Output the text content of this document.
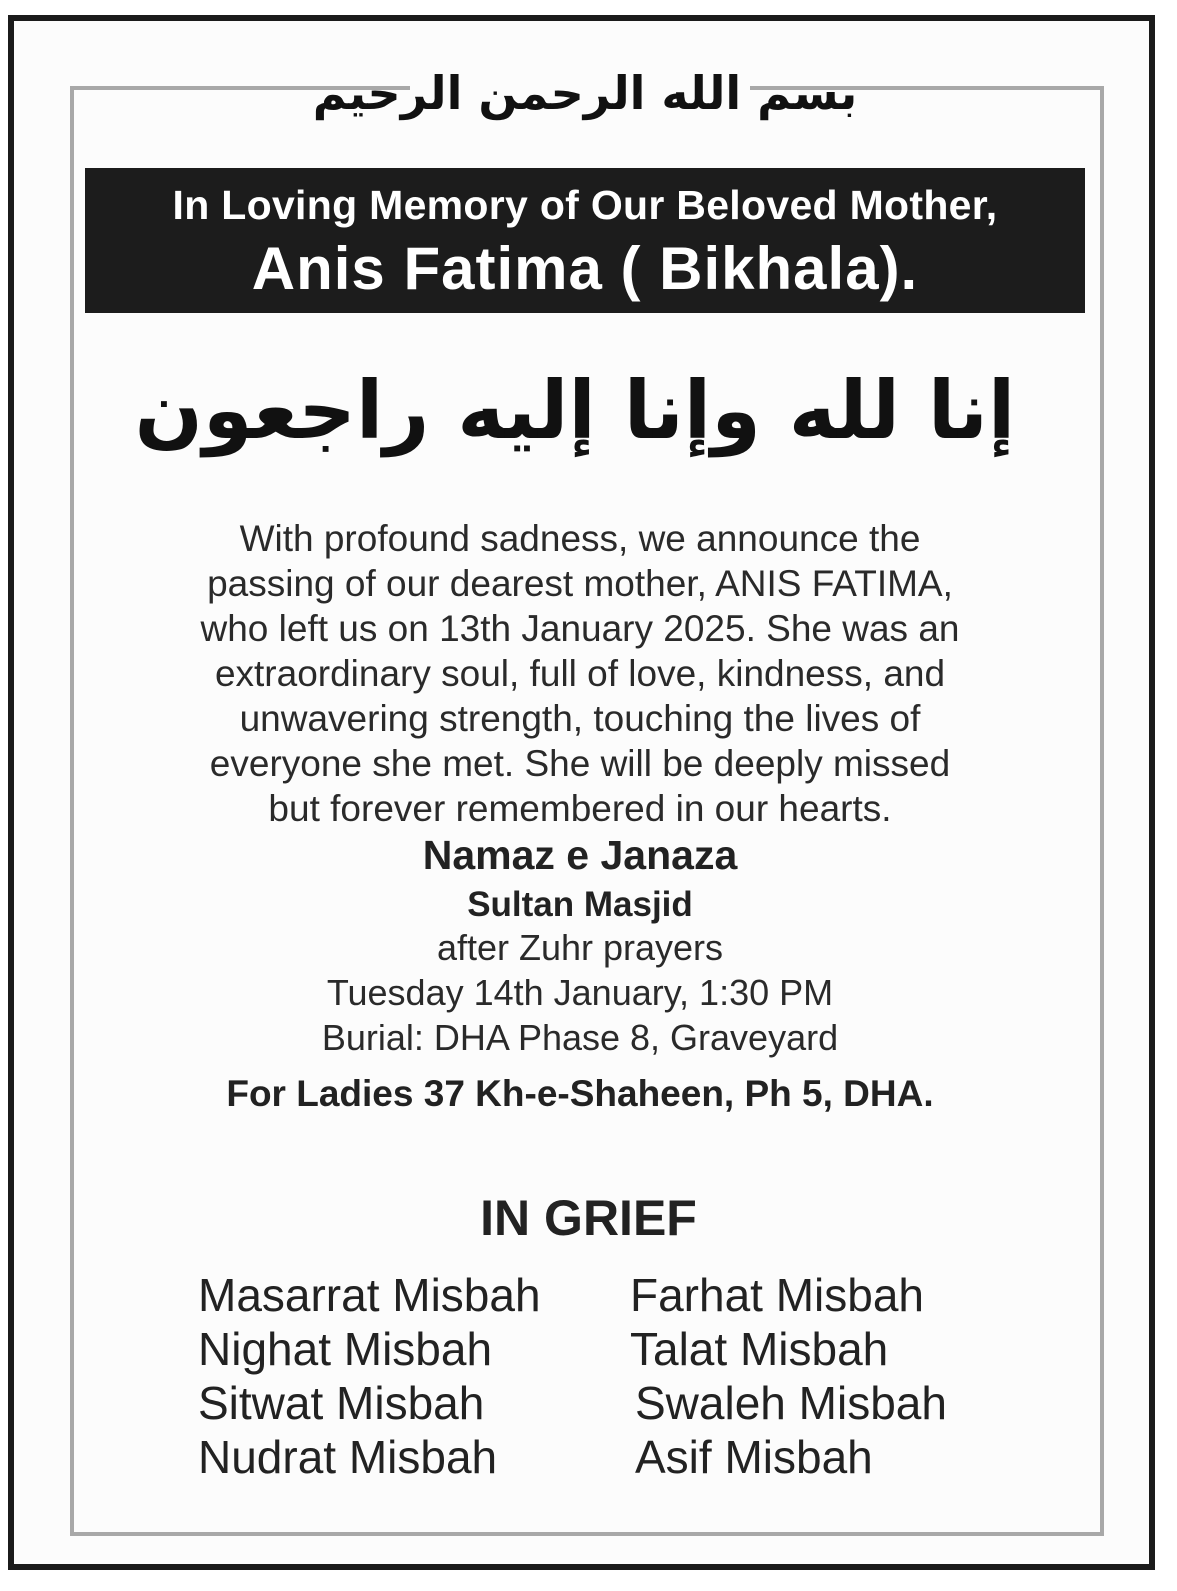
بسم الله الرحمن الرحيم
In Loving Memory of Our Beloved Mother,
Anis Fatima ( Bikhala).
إنا لله وإنا إليه راجعون
With profound sadness, we announce the
passing of our dearest mother, ANIS FATIMA,
who left us on 13th January 2025. She was an
extraordinary soul, full of love, kindness, and
unwavering strength, touching the lives of
everyone she met. She will be deeply missed
but forever remembered in our hearts.
Namaz e Janaza
Sultan Masjid
after Zuhr prayers
Tuesday 14th January, 1:30 PM
Burial: DHA Phase 8, Graveyard
For Ladies 37 Kh-e-Shaheen, Ph 5, DHA.
IN GRIEF
Masarrat Misbah
Nighat Misbah
Sitwat Misbah
Nudrat Misbah
Farhat Misbah
Talat Misbah
Swaleh Misbah
Asif Misbah
